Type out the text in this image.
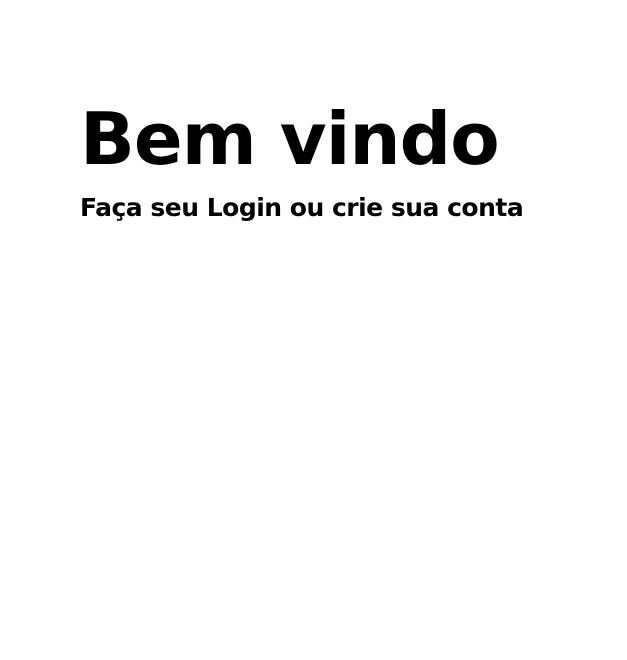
Bem vindo

Faça seu Login ou crie sua conta
